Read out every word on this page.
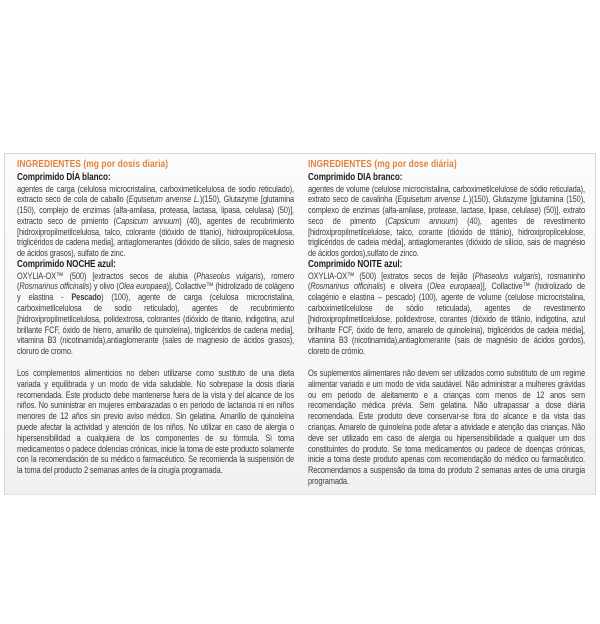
INGREDIENTES (mg por dosis diaria)

Comprimido DÍA blanco:

agentes de carga (celulosa microcristalina, carboximetilcelulosa de sodio reticulado), extracto seco de cola de caballo (Equisetum arvense L.)(150), Glutazyme [glutamina (150), complejo de enzimas (alfa-amilasa, proteasa, lactasa, lipasa, celulasa) (50)], extracto seco de pimiento (Capsicum annuum) (40), agentes de recubrimiento [hidroxipropilmetilcelulosa, talco, colorante (dióxido de titanio), hidroxipropilcelulosa, triglicéridos de cadena media], antiaglomerantes (dióxido de silicio, sales de magnesio de ácidos grasos), sulfato de zinc.

Comprimido NOCHE azul:

OXYLIA-OX™ (500) [extractos secos de alubia (Phaseolus vulgaris), romero (Rosmarinus officinalis) y olivo (Olea europaea)], Collactive™ (hidrolizado de colágeno y elastina - Pescado) (100), agente de carga (celulosa microcristalina, carboximetilcelulosa de sodio reticulado), agentes de recubrimiento [hidroxipropilmetilcelulosa, polidextrosa, colorantes (dióxido de titanio, indigotina, azul brillante FCF, óxido de hierro, amarillo de quinoleína), triglicéridos de cadena media], vitamina B3 (nicotinamida),antiaglomerante (sales de magnesio de ácidos grasos), cloruro de cromo.

Los complementos alimenticios no deben utilizarse como sustituto de una dieta variada y equilibrada y un modo de vida saludable. No sobrepase la dosis diaria recomendada. Este producto debe mantenerse fuera de la vista y del alcance de los niños. No suministrar en mujeres embarazadas o en periodo de lactancia ni en niños menores de 12 años sin previo aviso médico. Sin gelatina. Amarillo de quinoleína puede afectar la actividad y atención de los niños. No utilizar en caso de alergia o hipersensibilidad a cualquiera de los componentes de su fórmula. Si toma medicamentos o padece dolencias crónicas, inicie la toma de este producto solamente con la recomendación de su médico o farmacéutico. Se recomienda la suspensión de la toma del producto 2 semanas antes de la cirugía programada.

INGREDIENTES (mg por dose diária)

Comprimido DIA branco:

agentes de volume (celulose microcristalina, carboximetilcelulose de sódio reticulada), extrato seco de cavalinha (Equisetum arvense L.)(150), Glutazyme [glutamina (150), complexo de enzimas (alfa-amilase, protease, lactase, lipase, celulase) (50)], extrato seco de pimento (Capsicum annuum) (40), agentes de revestimento [hidroxipropilmetilcelulose, talco, corante (dióxido de titânio), hidroxipropilcelulose, triglicéridos de cadeia média], antiaglomerantes (dióxido de silício, sais de magnésio de ácidos gordos),sulfato de zinco.

Comprimido NOITE azul:

OXYLIA-OX™ (500) [extratos secos de feijão (Phaseolus vulgaris), rosmaninho (Rosmarinus officinalis) e oliveira (Olea europaea)], Collactive™ (hidrolizado de colagénio e elastina – pescado) (100), agente de volume (celulose microcristalina, carboximetilcelulose de sódio reticulada), agentes de revestimento [hidroxipropilmetilcelulose, polidextrose, corantes (dióxido de titânio, indigotina, azul brilhante FCF, óxido de ferro, amarelo de quinoleína), triglicéridos de cadeia média], vitamina B3 (nicotinamida),antiaglomerante (sais de magnésio de ácidos gordos), cloreto de crómio.

Os suplementos alimentares não devem ser utilizados como substituto de um regime alimentar variado e um modo de vida saudável. Não administrar a mulheres grávidas ou em periodo de aleitamento e a crianças com menos de 12 anos sem recomendação médica prévia. Sem gelatina. Não ultrapassar a dose diária recomendada. Este produto deve conservar-se fora do alcance e da vista das crianças. Amarelo de quinoleína pode afetar a atividade e atenção das crianças. Não deve ser utilizado em caso de alergia ou hipersensibilidade a qualquer um dos constituintes do produto. Se toma medicamentos ou padece de doenças crónicas, inicie a toma deste produto apenas com recomendação do médico ou farmacêutico. Recomendamos a suspensão da toma do produto 2 semanas antes de uma cirurgia programada.
